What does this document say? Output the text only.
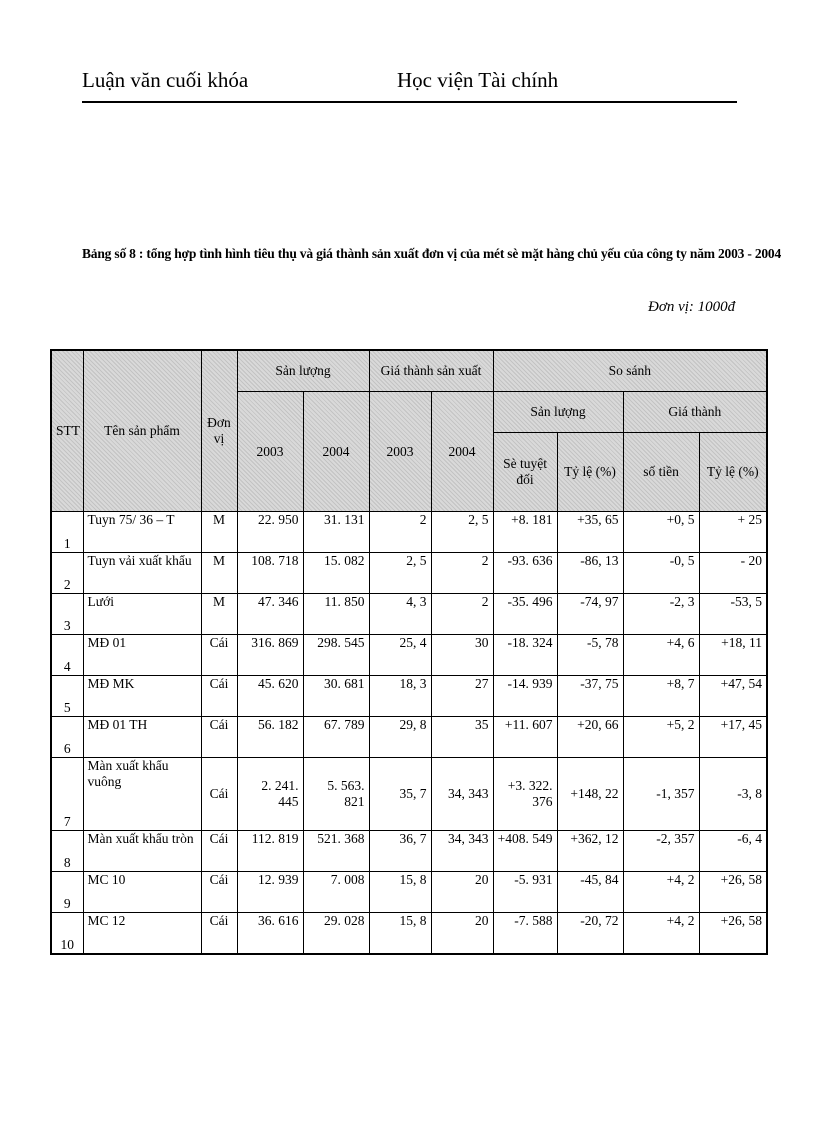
Luận văn cuối khóa	Học viện Tài chính
Bảng số 8 : tổng hợp tình hình tiêu thụ và giá thành sản xuất đơn vị của mét sè mặt hàng chủ yếu của công ty năm 2003 - 2004
Đơn vị: 1000đ
STT	Tên sản phẩm	Đơn vị	Sản lượng		Giá thành sản xuất		So sánh			
			2003	2004	2003	2004	Sản lượng		Giá thành	
							Sè tuyệt đối	Tỷ lệ (%)	số tiền	Tỷ lệ (%)
1	Tuyn 75/ 36 – T	M	22. 950	31. 131	2	2, 5	+8. 181	+35, 65	+0, 5	+ 25
2	Tuyn vải xuất khẩu	M	108. 718	15. 082	2, 5	2	-93. 636	-86, 13	-0, 5	- 20
3	Lưới	M	47. 346	11. 850	4, 3	2	-35. 496	-74, 97	-2, 3	-53, 5
4	MĐ 01	Cái	316. 869	298. 545	25, 4	30	-18. 324	-5, 78	+4, 6	+18, 11
5	MĐ MK	Cái	45. 620	30. 681	18, 3	27	-14. 939	-37, 75	+8, 7	+47, 54
6	MĐ 01 TH	Cái	56. 182	67. 789	29, 8	35	+11. 607	+20, 66	+5, 2	+17, 45
7	Màn xuất khẩu vuông	Cái	2. 241. 445	5. 563. 821	35, 7	34, 343	+3. 322. 376	+148, 22	-1, 357	-3, 8
8	Màn xuất khẩu tròn	Cái	112. 819	521. 368	36, 7	34, 343	+408. 549	+362, 12	-2, 357	-6, 4
9	MC 10	Cái	12. 939	7. 008	15, 8	20	-5. 931	-45, 84	+4, 2	+26, 58
10	MC 12	Cái	36. 616	29. 028	15, 8	20	-7. 588	-20, 72	+4, 2	+26, 58
